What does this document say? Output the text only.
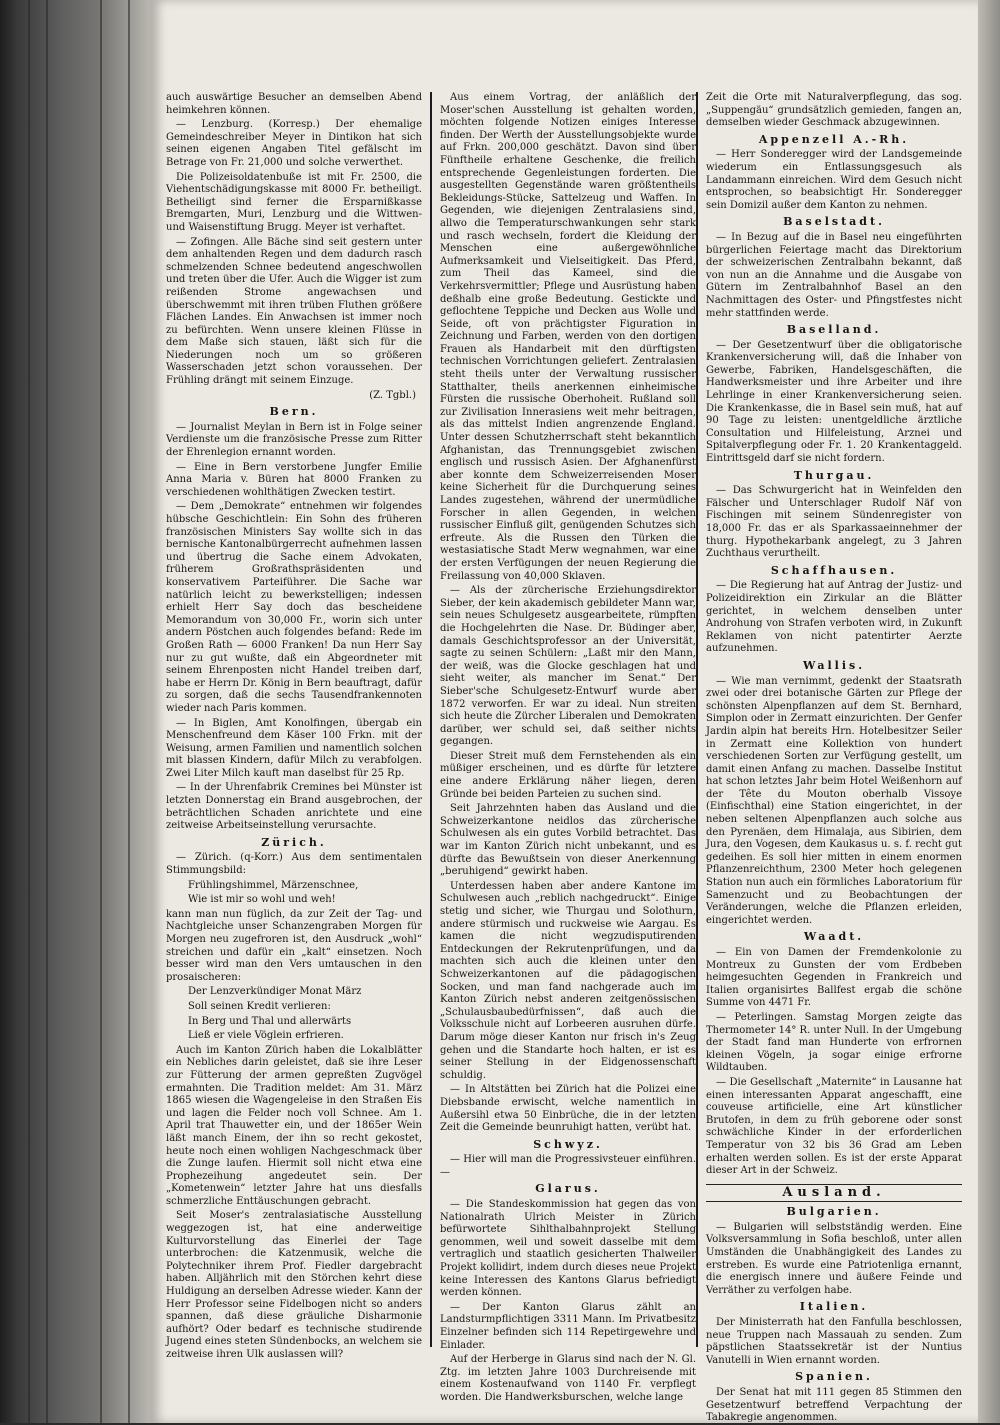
auch auswärtige Besucher an demselben Abend heimkehren können.

— Lenzburg. (Korresp.) Der ehemalige Gemeindeschreiber Meyer in Dintikon hat sich seinen eigenen Angaben Titel gefälscht im Betrage von Fr. 21,000 und solche verwerthet.

Die Polizeisoldatenbuße ist mit Fr. 2500, die Viehentschädigungskasse mit 8000 Fr. betheiligt. Betheiligt sind ferner die Ersparnißkasse Bremgarten, Muri, Lenzburg und die Wittwen- und Waisenstiftung Brugg. Meyer ist verhaftet.

— Zofingen. Alle Bäche sind seit gestern unter dem anhaltenden Regen und dem dadurch rasch schmelzenden Schnee bedeutend angeschwollen und treten über die Ufer. Auch die Wigger ist zum reißenden Strome angewachsen und überschwemmt mit ihren trüben Fluthen größere Flächen Landes. Ein Anwachsen ist immer noch zu befürchten. Wenn unsere kleinen Flüsse in dem Maße sich stauen, läßt sich für die Niederungen noch um so größeren Wasserschaden jetzt schon voraussehen. Der Frühling drängt mit seinem Einzuge.

(Z. Tgbl.)

Bern.

— Journalist Meylan in Bern ist in Folge seiner Verdienste um die französische Presse zum Ritter der Ehrenlegion ernannt worden.

— Eine in Bern verstorbene Jungfer Emilie Anna Maria v. Büren hat 8000 Franken zu verschiedenen wohlthätigen Zwecken testirt.

— Dem „Demokrate“ entnehmen wir folgendes hübsche Geschichtlein: Ein Sohn des früheren französischen Ministers Say wollte sich in das bernische Kantonalbürgerrecht aufnehmen lassen und übertrug die Sache einem Advokaten, früherem Großrathspräsidenten und konservativem Parteiführer. Die Sache war natürlich leicht zu bewerkstelligen; indessen erhielt Herr Say doch das bescheidene Memorandum von 30,000 Fr., worin sich unter andern Pöstchen auch folgendes befand: Rede im Großen Rath — 6000 Franken! Da nun Herr Say nur zu gut wußte, daß ein Abgeordneter mit seinem Ehrenposten nicht Handel treiben darf, habe er Herrn Dr. König in Bern beauftragt, dafür zu sorgen, daß die sechs Tausendfrankennoten wieder nach Paris kommen.

— In Biglen, Amt Konolfingen, übergab ein Menschenfreund dem Käser 100 Frkn. mit der Weisung, armen Familien und namentlich solchen mit blassen Kindern, dafür Milch zu verabfolgen. Zwei Liter Milch kauft man daselbst für 25 Rp.

— In der Uhrenfabrik Cremines bei Münster ist letzten Donnerstag ein Brand ausgebrochen, der beträchtlichen Schaden anrichtete und eine zeitweise Arbeitseinstellung verursachte.

Zürich.

— Zürich. (q-Korr.) Aus dem sentimentalen Stimmungsbild:

Frühlingshimmel, Märzenschnee,
Wie ist mir so wohl und weh!

kann man nun füglich, da zur Zeit der Tag- und Nachtgleiche unser Schanzengraben Morgen für Morgen neu zugefroren ist, den Ausdruck „wohl“ streichen und dafür ein „kalt“ einsetzen. Noch besser wird man den Vers umtauschen in den prosaischeren:

Der Lenzverkündiger Monat März
Soll seinen Kredit verlieren:
In Berg und Thal und allerwärts
Ließ er viele Vöglein erfrieren.

Auch im Kanton Zürich haben die Lokalblätter ein Nebliches darin geleistet, daß sie ihre Leser zur Fütterung der armen gepreßten Zugvögel ermahnten. Die Tradition meldet: Am 31. März 1865 wiesen die Wagengeleise in den Straßen Eis und lagen die Felder noch voll Schnee. Am 1. April trat Thauwetter ein, und der 1865er Wein läßt manch Einem, der ihn so recht gekostet, heute noch einen wohligen Nachgeschmack über die Zunge laufen. Hiermit soll nicht etwa eine Prophezeihung angedeutet sein. Der „Kometenwein“ letzter Jahre hat uns diesfalls schmerzliche Enttäuschungen gebracht.

Seit Moser's zentralasiatische Ausstellung weggezogen ist, hat eine anderweitige Kulturvorstellung das Einerlei der Tage unterbrochen: die Katzenmusik, welche die Polytechniker ihrem Prof. Fiedler dargebracht haben. Alljährlich mit den Störchen kehrt diese Huldigung an derselben Adresse wieder. Kann der Herr Professor seine Fidelbogen nicht so anders spannen, daß diese gräuliche Disharmonie aufhört? Oder bedarf es technische studirende Jugend eines steten Sündenbocks, an welchem sie zeitweise ihren Ulk auslassen will?

Aus einem Vortrag, der anläßlich der Moser'schen Ausstellung ist gehalten worden, möchten folgende Notizen einiges Interesse finden. Der Werth der Ausstellungsobjekte wurde auf Frkn. 200,000 geschätzt. Davon sind über Fünftheile erhaltene Geschenke, die freilich entsprechende Gegenleistungen forderten. Die ausgestellten Gegenstände waren größtentheils Bekleidungs-Stücke, Sattelzeug und Waffen. In Gegenden, wie diejenigen Zentralasiens sind, allwo die Temperaturschwankungen sehr stark und rasch wechseln, fordert die Kleidung der Menschen eine außergewöhnliche Aufmerksamkeit und Vielseitigkeit. Das Pferd, zum Theil das Kameel, sind die Verkehrsvermittler; Pflege und Ausrüstung haben deßhalb eine große Bedeutung. Gestickte und geflochtene Teppiche und Decken aus Wolle und Seide, oft von prächtigster Figuration in Zeichnung und Farben, werden von den dortigen Frauen als Handarbeit mit den dürftigsten technischen Vorrichtungen geliefert. Zentralasien steht theils unter der Verwaltung russischer Statthalter, theils anerkennen einheimische Fürsten die russische Oberhoheit. Rußland soll zur Zivilisation Innerasiens weit mehr beitragen, als das mittelst Indien angrenzende England. Unter dessen Schutzherrschaft steht bekanntlich Afghanistan, das Trennungsgebiet zwischen englisch und russisch Asien. Der Afghanenfürst aber konnte dem Schweizerreisenden Moser keine Sicherheit für die Durchquerung seines Landes zugestehen, während der unermüdliche Forscher in allen Gegenden, in welchen russischer Einfluß gilt, genügenden Schutzes sich erfreute. Als die Russen den Türken die westasiatische Stadt Merw wegnahmen, war eine der ersten Verfügungen der neuen Regierung die Freilassung von 40,000 Sklaven.

— Als der zürcherische Erziehungsdirektor Sieber, der kein akademisch gebildeter Mann war, sein neues Schulgesetz ausgearbeitete, rümpften die Hochgelehrten die Nase. Dr. Büdinger aber, damals Geschichtsprofessor an der Universität, sagte zu seinen Schülern: „Laßt mir den Mann, der weiß, was die Glocke geschlagen hat und sieht weiter, als mancher im Senat.“ Der Sieber'sche Schulgesetz-Entwurf wurde aber 1872 verworfen. Er war zu ideal. Nun streiten sich heute die Zürcher Liberalen und Demokraten darüber, wer schuld sei, daß seither nichts gegangen.

Dieser Streit muß dem Fernstehenden als ein müßiger erscheinen, und es dürfte für letztere eine andere Erklärung näher liegen, deren Gründe bei beiden Parteien zu suchen sind.

Seit Jahrzehnten haben das Ausland und die Schweizerkantone neidlos das zürcherische Schulwesen als ein gutes Vorbild betrachtet. Das war im Kanton Zürich nicht unbekannt, und es dürfte das Bewußtsein von dieser Anerkennung „beruhigend“ gewirkt haben.

Unterdessen haben aber andere Kantone im Schulwesen auch „reblich nachgedruckt“. Einige stetig und sicher, wie Thurgau und Solothurn, andere stürmisch und ruckweise wie Aargau. Es kamen die nicht wegzudisputirenden Entdeckungen der Rekrutenprüfungen, und da machten sich auch die kleinen unter den Schweizerkantonen auf die pädagogischen Socken, und man fand nachgerade auch im Kanton Zürich nebst anderen zeitgenössischen „Schulausbaubedürfnissen“, daß auch die Volksschule nicht auf Lorbeeren ausruhen dürfe. Darum möge dieser Kanton nur frisch in's Zeug gehen und die Standarte hoch halten, er ist es seiner Stellung in der Eidgenossenschaft schuldig.

— In Altstätten bei Zürich hat die Polizei eine Diebsbande erwischt, welche namentlich in Außersihl etwa 50 Einbrüche, die in der letzten Zeit die Gemeinde beunruhigt hatten, verübt hat.

Schwyz.

— Hier will man die Progressivsteuer einführen. —

Glarus.

— Die Standeskommission hat gegen das von Nationalrath Ulrich Meister in Zürich befürwortete Sihlthalbahnprojekt Stellung genommen, weil und soweit dasselbe mit dem vertraglich und staatlich gesicherten Thalweiler Projekt kollidirt, indem durch dieses neue Projekt keine Interessen des Kantons Glarus befriedigt werden können.

— Der Kanton Glarus zählt an Landsturmpflichtigen 3311 Mann. Im Privatbesitz Einzelner befinden sich 114 Repetirgewehre und Einlader.

Auf der Herberge in Glarus sind nach der N. Gl. Ztg. im letzten Jahre 1003 Durchreisende mit einem Kostenaufwand von 1140 Fr. verpflegt worden. Die Handwerksburschen, welche lange

Zeit die Orte mit Naturalverpflegung, das sog. „Suppengäu“ grundsätzlich gemieden, fangen an, demselben wieder Geschmack abzugewinnen.

Appenzell A.-Rh.

— Herr Sonderegger wird der Landsgemeinde wiederum ein Entlassungsgesuch als Landammann einreichen. Wird dem Gesuch nicht entsprochen, so beabsichtigt Hr. Sonderegger sein Domizil außer dem Kanton zu nehmen.

Baselstadt.

— In Bezug auf die in Basel neu eingeführten bürgerlichen Feiertage macht das Direktorium der schweizerischen Zentralbahn bekannt, daß von nun an die Annahme und die Ausgabe von Gütern im Zentralbahnhof Basel an den Nachmittagen des Oster- und Pfingstfestes nicht mehr stattfinden werde.

Baselland.

— Der Gesetzentwurf über die obligatorische Krankenversicherung will, daß die Inhaber von Gewerbe, Fabriken, Handelsgeschäften, die Handwerksmeister und ihre Arbeiter und ihre Lehrlinge in einer Krankenversicherung seien. Die Krankenkasse, die in Basel sein muß, hat auf 90 Tage zu leisten: unentgeldliche ärztliche Consultation und Hilfeleistung, Arznei und Spitalverpflegung oder Fr. 1. 20 Krankentaggeld. Eintrittsgeld darf sie nicht fordern.

Thurgau.

— Das Schwurgericht hat in Weinfelden den Fälscher und Unterschlager Rudolf Näf von Fischingen mit seinem Sündenregister von 18,000 Fr. das er als Sparkassaeinnehmer der thurg. Hypothekarbank angelegt, zu 3 Jahren Zuchthaus verurtheilt.

Schaffhausen.

— Die Regierung hat auf Antrag der Justiz- und Polizeidirektion ein Zirkular an die Blätter gerichtet, in welchem denselben unter Androhung von Strafen verboten wird, in Zukunft Reklamen von nicht patentirter Aerzte aufzunehmen.

Wallis.

— Wie man vernimmt, gedenkt der Staatsrath zwei oder drei botanische Gärten zur Pflege der schönsten Alpenpflanzen auf dem St. Bernhard, Simplon oder in Zermatt einzurichten. Der Genfer Jardin alpin hat bereits Hrn. Hotelbesitzer Seiler in Zermatt eine Kollektion von hundert verschiedenen Sorten zur Verfügung gestellt, um damit einen Anfang zu machen. Dasselbe Institut hat schon letztes Jahr beim Hotel Weißenhorn auf der Tête du Mouton oberhalb Vissoye (Einfischthal) eine Station eingerichtet, in der neben seltenen Alpenpflanzen auch solche aus den Pyrenäen, dem Himalaja, aus Sibirien, dem Jura, den Vogesen, dem Kaukasus u. s. f. recht gut gedeihen. Es soll hier mitten in einem enormen Pflanzenreichthum, 2300 Meter hoch gelegenen Station nun auch ein förmliches Laboratorium für Samenzucht und zu Beobachtungen der Veränderungen, welche die Pflanzen erleiden, eingerichtet werden.

Waadt.

— Ein von Damen der Fremdenkolonie zu Montreux zu Gunsten der vom Erdbeben heimgesuchten Gegenden in Frankreich und Italien organisirtes Ballfest ergab die schöne Summe von 4471 Fr.

— Peterlingen. Samstag Morgen zeigte das Thermometer 14° R. unter Null. In der Umgebung der Stadt fand man Hunderte von erfrornen kleinen Vögeln, ja sogar einige erfrorne Wildtauben.

— Die Gesellschaft „Maternite“ in Lausanne hat einen interessanten Apparat angeschafft, eine couveuse artificielle, eine Art künstlicher Brutofen, in dem zu früh geborene oder sonst schwächliche Kinder in der erforderlichen Temperatur von 32 bis 36 Grad am Leben erhalten werden sollen. Es ist der erste Apparat dieser Art in der Schweiz.

Ausland.
Bulgarien.

— Bulgarien will selbstständig werden. Eine Volksversammlung in Sofia beschloß, unter allen Umständen die Unabhängigkeit des Landes zu erstreben. Es wurde eine Patriotenliga ernannt, die energisch innere und äußere Feinde und Verräther zu verfolgen habe.

Italien.

Der Ministerrath hat den Fanfulla beschlossen, neue Truppen nach Massauah zu senden. Zum päpstlichen Staatssekretär ist der Nuntius Vanutelli in Wien ernannt worden.

Spanien.

Der Senat hat mit 111 gegen 85 Stimmen den Gesetzentwurf betreffend Verpachtung der Tabakregie angenommen.
